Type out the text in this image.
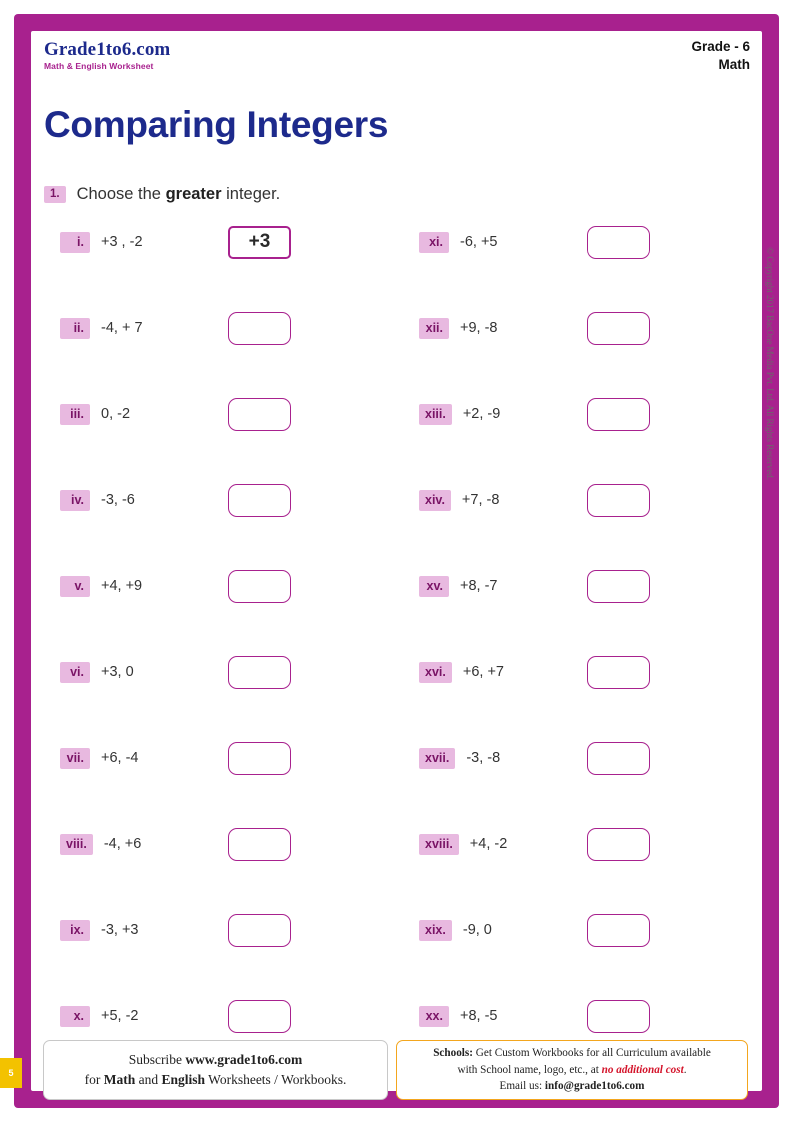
5
Grade1to6.com
Math & English Worksheet
Grade - 6
Math
Comparing Integers
1.	Choose the greater integer.
i.	+3 , -2	+3
ii.	-4, + 7
iii.	0, -2
iv.	-3, -6
v.	+4, +9
vi.	+3, 0
vii.	+6, -4
viii.	-4, +6
ix.	-3, +3
x.	+5, -2
xi.	-6, +5
xii.	+9, -8
xiii.	+2, -9
xiv.	+7, -8
xv.	+8, -7
xvi.	+6, +7
xvii.	-3, -8
xviii.	+4, -2
xix.	-9, 0
xx.	+8, -5
© Copyright 2017 BacOne Media Pvt. Ltd. All Rights Reserved.
Subscribe www.grade1to6.com
for Math and English Worksheets / Workbooks.
Schools: Get Custom Workbooks for all Curriculum available
with School name, logo, etc., at no additional cost.
Email us: info@grade1to6.com
